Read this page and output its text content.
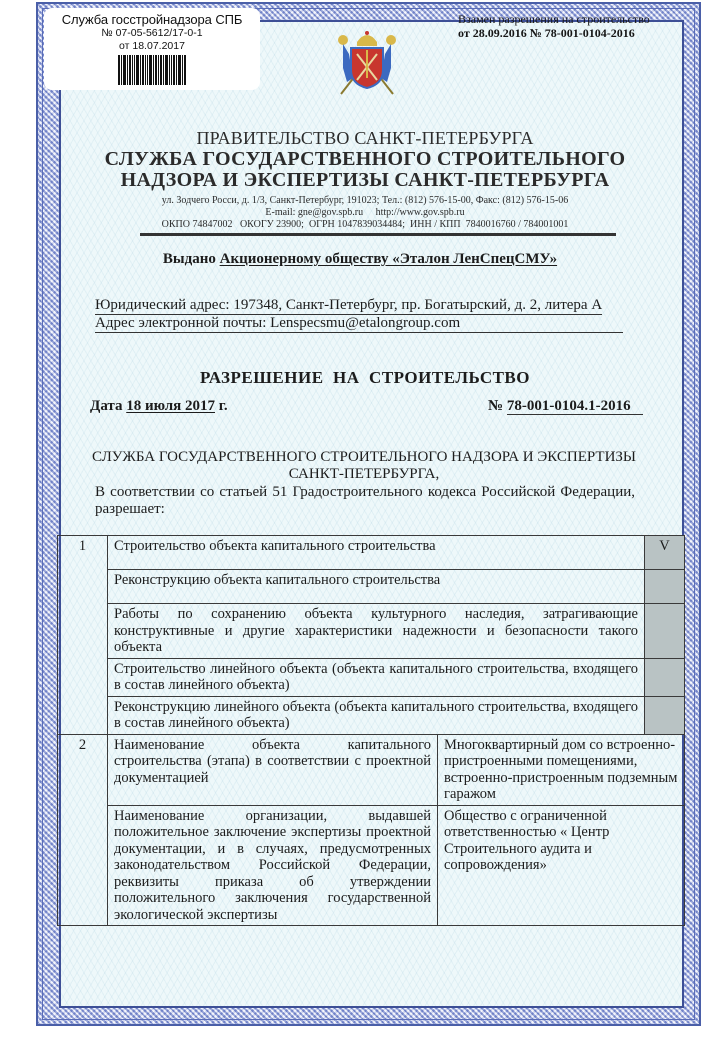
Служба госстройнадзора СПБ
№ 07-05-5612/17-0-1
от 18.07.2017
Взамен разрешения на строительство
от 28.09.2016 № 78-001-0104-2016
ПРАВИТЕЛЬСТВО САНКТ-ПЕТЕРБУРГА
СЛУЖБА ГОСУДАРСТВЕННОГО СТРОИТЕЛЬНОГО
НАДЗОРА И ЭКСПЕРТИЗЫ САНКТ-ПЕТЕРБУРГА
ул. Зодчего Росси, д. 1/3, Санкт-Петербург, 191023; Тел.: (812) 576-15-00, Факс: (812) 576-15-06
E-mail: gne@gov.spb.ru     http://www.gov.spb.ru
ОКПО 74847002   ОКОГУ 23900;  ОГРН 1047839034484;  ИНН / КПП  7840016760 / 784001001
Выдано Акционерному обществу «Эталон ЛенСпецСМУ»
Юридический адрес: 197348, Санкт-Петербург, пр. Богатырский, д. 2, литера А
Адрес электронной почты: Lenspecsmu@etalongroup.com
РАЗРЕШЕНИЕ  НА  СТРОИТЕЛЬСТВО
Дата 18 июля 2017 г.	№ 78-001-0104.1-2016
СЛУЖБА ГОСУДАРСТВЕННОГО СТРОИТЕЛЬНОГО НАДЗОРА И ЭКСПЕРТИЗЫ
САНКТ-ПЕТЕРБУРГА,
В соответствии со статьей 51 Градостроительного кодекса Российской Федерации, разрешает:
1	Строительство объекта капитального строительства		V
	Реконструкцию объекта капитального строительства		
	Работы по сохранению объекта культурного наследия, затрагивающие конструктивные и другие характеристики надежности и безопасности такого объекта		
	Строительство линейного объекта (объекта капитального строительства, входящего в состав линейного объекта)		
	Реконструкцию линейного объекта (объекта капитального строительства, входящего в состав линейного объекта)		
2	Наименование объекта капитального строительства (этапа) в соответствии с проектной документацией	Многоквартирный дом со встроенно-пристроенными помещениями, встроенно-пристроенным подземным гаражом	
	Наименование организации, выдавшей положительное заключение экспертизы проектной документации, и в случаях, предусмотренных законодательством Российской Федерации, реквизиты приказа об утверждении положительного заключения государственной экологической экспертизы	Общество с ограниченной ответственностью « Центр Строительного аудита и сопровождения»	
